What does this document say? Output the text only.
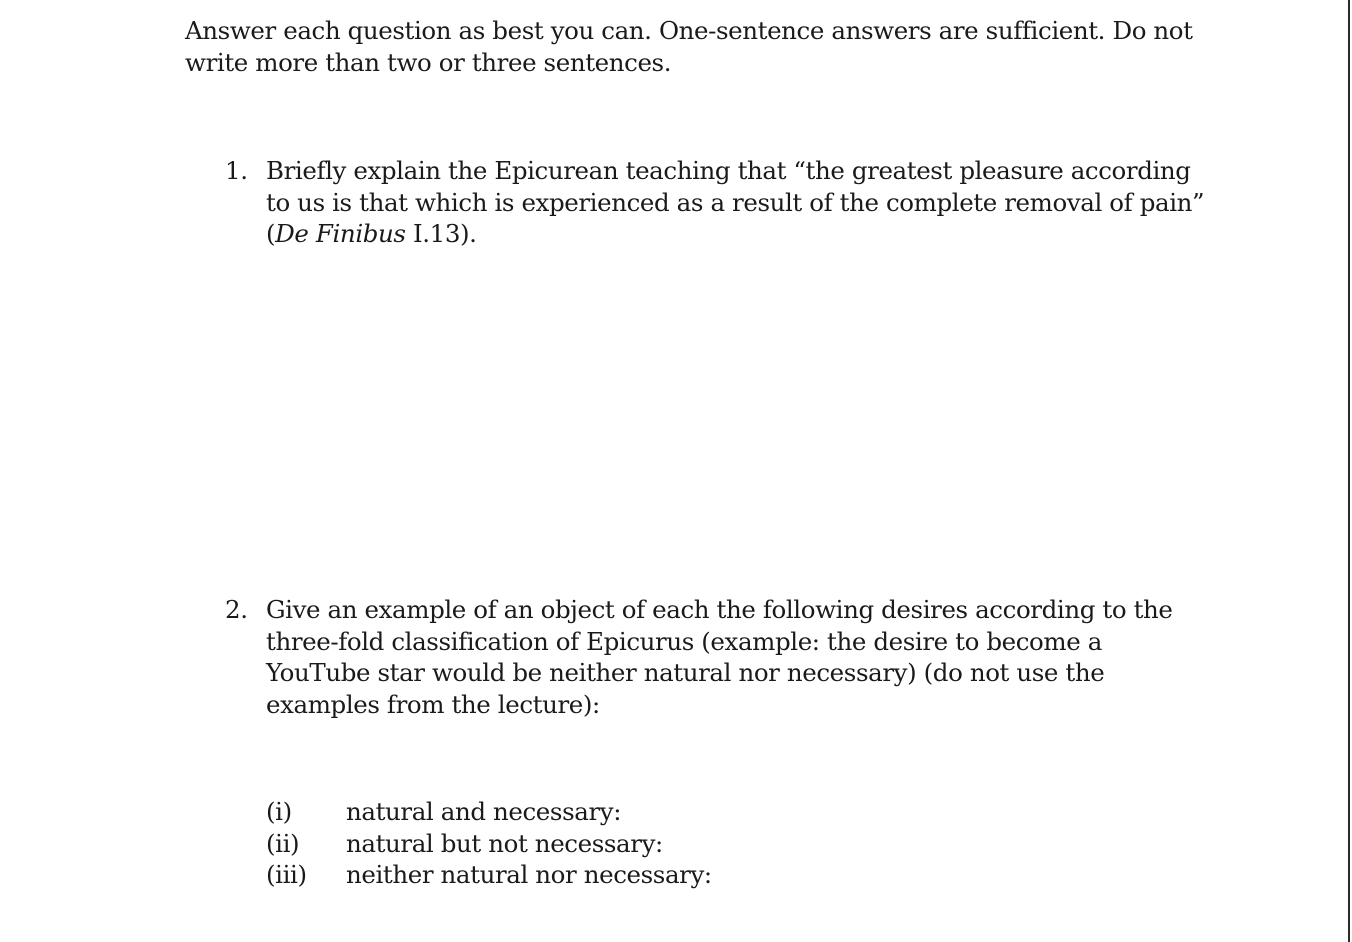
Answer each question as best you can. One-sentence answers are sufficient. Do not
write more than two or three sentences.
1. Briefly explain the Epicurean teaching that “the greatest pleasure according
to us is that which is experienced as a result of the complete removal of pain”
(De Finibus I.13).
2. Give an example of an object of each the following desires according to the
three-fold classification of Epicurus (example: the desire to become a
YouTube star would be neither natural nor necessary) (do not use the
examples from the lecture):
(i) natural and necessary:
(ii) natural but not necessary:
(iii) neither natural nor necessary:
